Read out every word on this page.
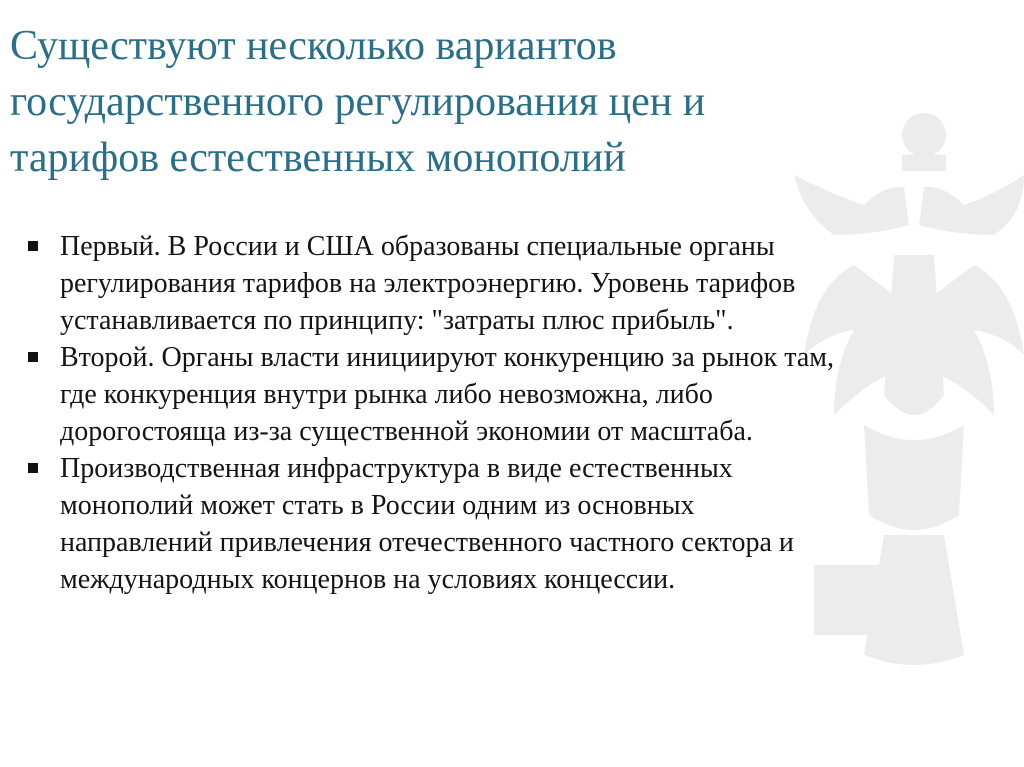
Существуют несколько вариантов
государственного регулирования цен и
тарифов естественных монополий
Первый. В России и США образованы специальные органы
регулирования тарифов на электроэнергию. Уровень тарифов
устанавливается по принципу: "затраты плюс прибыль".
Второй. Органы власти инициируют конкуренцию за рынок там,
где конкуренция внутри рынка либо невозможна, либо
дорогостояща из-за существенной экономии от масштаба.
Производственная инфраструктура в виде естественных
монополий может стать в России одним из основных
направлений привлечения отечественного частного сектора и
международных концернов на условиях концессии.
